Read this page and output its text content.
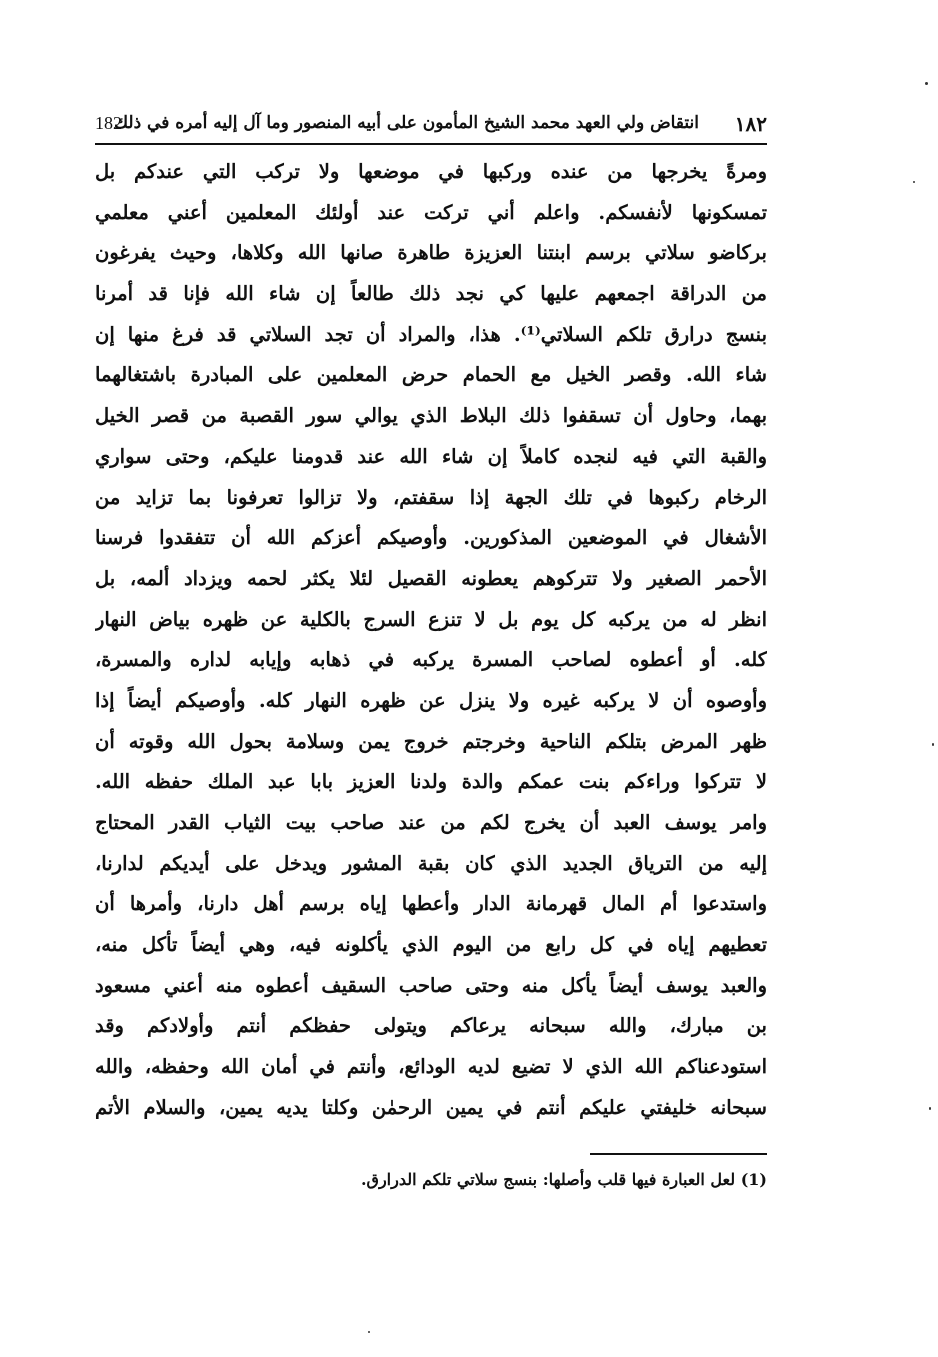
١٨٢
انتقاض ولي العهد محمد الشيخ المأمون على أبيه المنصور وما آل إليه أمره في ذلك
182
ومرةً يخرجها من عنده وركبها في موضعها ولا تركب التي عندكم بل
تمسكونها لأنفسكم. واعلم أني تركت عند أولئك المعلمين أعني معلمي
بركاضو سلاتي برسم ابنتنا العزيزة طاهرة صانها الله وكلاها، وحيث يفرغون
من الدراقة اجمعهم عليها كي نجد ذلك طالعاً إن شاء الله فإنا قد أمرنا
بنسج درارق تلكم السلاتي⁽¹⁾. هذا، والمراد أن تجد السلاتي قد فرغ منها إن
شاء الله. وقصر الخيل مع الحمام حرض المعلمين على المبادرة باشتغالهما
بهما، وحاول أن تسقفوا ذلك البلاط الذي يوالي سور القصبة من قصر الخيل
والقبة التي فيه لنجده كاملاً إن شاء الله عند قدومنا عليكم، وحتى سواري
الرخام ركبوها في تلك الجهة إذا سقفتم، ولا تزالوا تعرفونا بما تزايد من
الأشغال في الموضعين المذكورين. وأوصيكم أعزكم الله أن تتفقدوا فرسنا
الأحمر الصغير ولا تتركوهم يعطونه القصيل لئلا يكثر لحمه ويزداد ألمه، بل
انظر له من يركبه كل يوم بل لا تنزع السرج بالكلية عن ظهره بياض النهار
كله. أو أعطوه لصاحب المسرة يركبه في ذهابه وإيابه لداره والمسرة،
وأوصوه أن لا يركبه غيره ولا ينزل عن ظهره النهار كله. وأوصيكم أيضاً إذا
ظهر المرض بتلكم الناحية وخرجتم خروج يمن وسلامة بحول الله وقوته أن
لا تتركوا وراءكم بنت عمكم والدة ولدنا العزيز بابا عبد الملك حفظه الله.
وامر يوسف العبد أن يخرج لكم من عند صاحب بيت الثياب القدر المحتاج
إليه من الترياق الجديد الذي كان بقبة المشور ويدخل على أيديكم لدارنا،
واستدعوا أم المال قهرمانة الدار وأعطها إياه برسم أهل دارنا، وأمرها أن
تعطيهم إياه في كل رابع من اليوم الذي يأكلونه فيه، وهي أيضاً تأكل منه،
والعبد يوسف أيضاً يأكل منه وحتى صاحب السقيف أعطوه منه أعني مسعود
بن مبارك، والله سبحانه يرعاكم ويتولى حفظكم أنتم وأولادكم وقد
استودعناكم الله الذي لا تضيع لديه الودائع، وأنتم في أمان الله وحفظه، والله
سبحانه خليفتي عليكم أنتم في يمين الرحمٰن وكلتا يديه يمين، والسلام الأتم
(1) لعل العبارة فيها قلب وأصلها: بنسج سلاتي تلكم الدرارق.
